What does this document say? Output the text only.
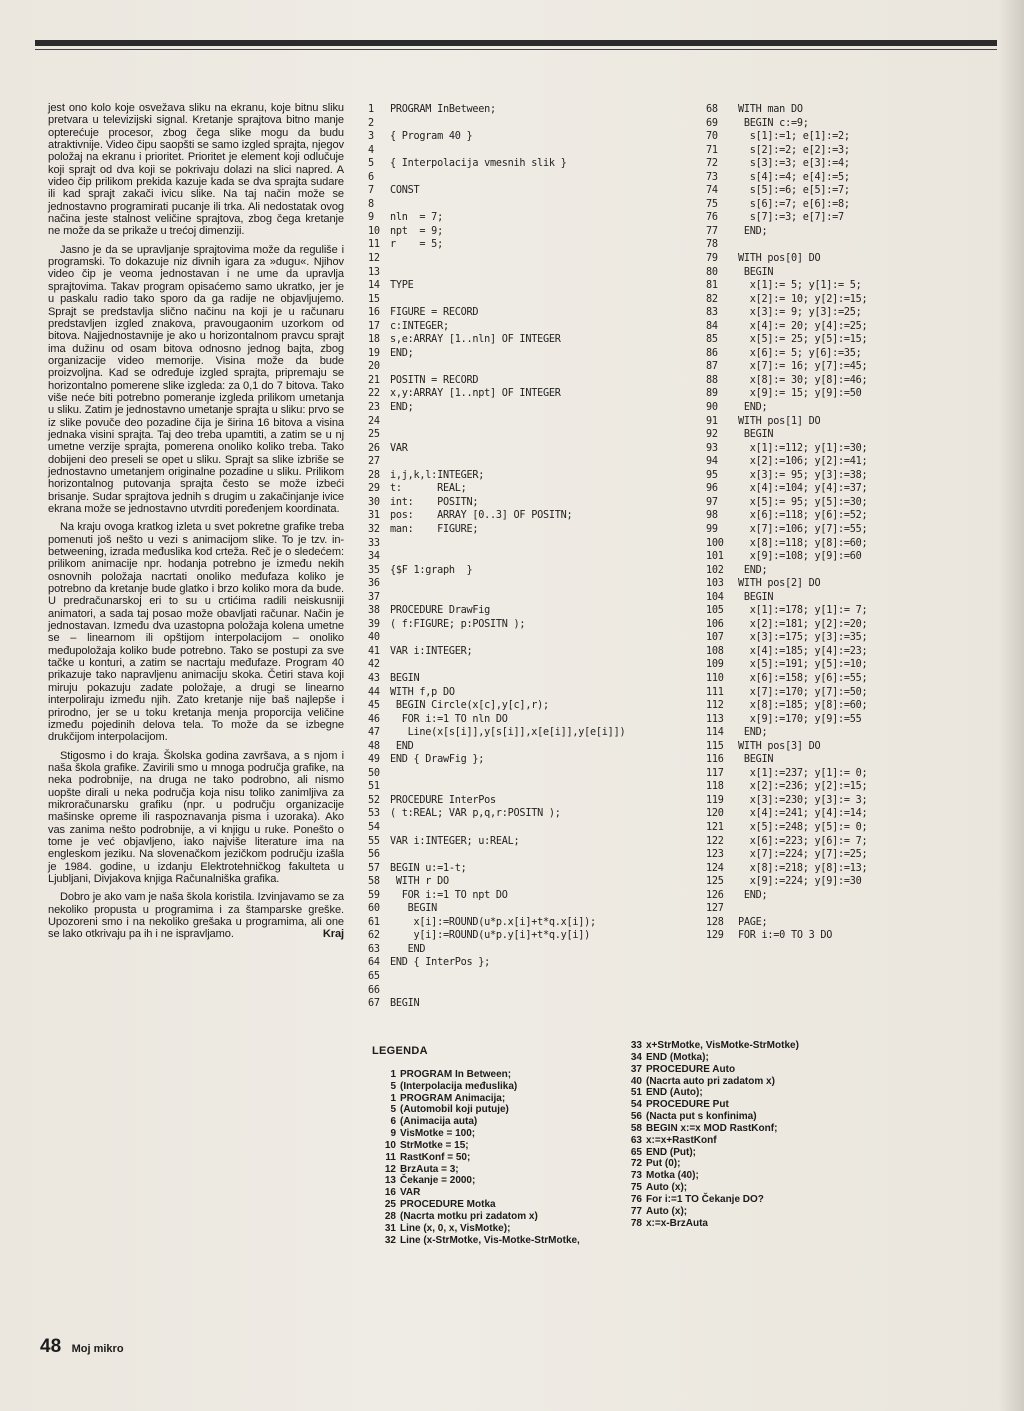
jest ono kolo koje osvežava sliku na ekranu, koje bitnu sliku pretvara u televizijski signal. Kretanje sprajtova bitno manje opterećuje procesor, zbog čega slike mogu da budu atraktivnije. Video čipu saopšti se samo izgled sprajta, njegov položaj na ekranu i prioritet. Prioritet je element koji odlučuje koji sprajt od dva koji se pokrivaju dolazi na slici napred. A video čip prilikom prekida kazuje kada se dva sprajta sudare ili kad sprajt zakači ivicu slike. Na taj način može se jednostavno programirati pucanje ili trka. Ali nedostatak ovog načina jeste stalnost veličine sprajtova, zbog čega kretanje ne može da se prikaže u trećoj dimenziji.

Jasno je da se upravljanje sprajtovima može da reguliše i programski. To dokazuje niz divnih igara za »dugu«. Njihov video čip je veoma jednostavan i ne ume da upravlja sprajtovima. Takav program opisaćemo samo ukratko, jer je u paskalu radio tako sporo da ga radije ne objavljujemo. Sprajt se predstavlja slično načinu na koji je u računaru predstavljen izgled znakova, pravougaonim uzorkom od bitova. Najjednostavnije je ako u horizontalnom pravcu sprajt ima dužinu od osam bitova odnosno jednog bajta, zbog organizacije video memorije. Visina može da bude proizvoljna. Kad se određuje izgled sprajta, pripremaju se horizontalno pomerene slike izgleda: za 0,1 do 7 bitova. Tako više neće biti potrebno pomeranje izgleda prilikom umetanja u sliku. Zatim je jednostavno umetanje sprajta u sliku: prvo se iz slike povuče deo pozadine čija je širina 16 bitova a visina jednaka visini sprajta. Taj deo treba upamtiti, a zatim se u nj umetne verzije sprajta, pomerena onoliko koliko treba. Tako dobijeni deo preseli se opet u sliku. Sprajt sa slike izbriše se jednostavno umetanjem originalne pozadine u sliku. Prilikom horizontalnog putovanja sprajta često se može izbeći brisanje. Sudar sprajtova jednih s drugim u zakačinjanje ivice ekrana može se jednostavno utvrditi poređenjem koordinata.

Na kraju ovoga kratkog izleta u svet pokretne grafike treba pomenuti još nešto u vezi s animacijom slike. To je tzv. in-betweening, izrada međuslika kod crteža. Reč je o sledećem: prilikom animacije npr. hodanja potrebno je između nekih osnovnih položaja nacrtati onoliko međufaza koliko je potrebno da kretanje bude glatko i brzo koliko mora da bude. U predračunarskoj eri to su u crtićima radili neiskusniji animatori, a sada taj posao može obavljati računar. Način je jednostavan. Između dva uzastopna položaja kolena umetne se – linearnom ili opštijom interpolacijom – onoliko međupoložaja koliko bude potrebno. Tako se postupi za sve tačke u konturi, a zatim se nacrtaju međufaze. Program 40 prikazuje tako napravljenu animaciju skoka. Četiri stava koji miruju pokazuju zadate položaje, a drugi se linearno interpoliraju između njih. Zato kretanje nije baš najlepše i prirodno, jer se u toku kretanja menja proporcija veličine između pojedinih delova tela. To može da se izbegne drukčijom interpolacijom.

Stigosmo i do kraja. Školska godina završava, a s njom i naša škola grafike. Zavirili smo u mnoga područja grafike, na neka podrobnije, na druga ne tako podrobno, ali nismo uopšte dirali u neka područja koja nisu toliko zanimljiva za mikroračunarsku grafiku (npr. u području organizacije mašinske opreme ili raspoznavanja pisma i uzoraka). Ako vas zanima nešto podrobnije, a vi knjigu u ruke. Ponešto o tome je već objavljeno, iako najviše literature ima na engleskom jeziku. Na slovenačkom jezičkom području izašla je 1984. godine, u izdanju Elektrotehničkog fakulteta u Ljubljani, Divjakova knjiga Računalniška grafika.

Dobro je ako vam je naša škola koristila. Izvinjavamo se za nekoliko propusta u programima i za štamparske greške. Upozoreni smo i na nekoliko grešaka u programima, ali one se lako otkrivaju pa ih i ne ispravljamo.	Kraj

1 PROGRAM InBetween;
2
3 { Program 40 }
4
5 { Interpolacija vmesnih slik }
6
7 CONST
8
9 nln  = 7;
10 npt  = 9;
11 r    = 5;
12
13
14 TYPE
15
16 FIGURE = RECORD
17 c:INTEGER;
18 s,e:ARRAY [1..nln] OF INTEGER
19 END;
20
21 POSITN = RECORD
22 x,y:ARRAY [1..npt] OF INTEGER
23 END;
24
25
26 VAR
27
28 i,j,k,l:INTEGER;
29 t:      REAL;
30 int:    POSITN;
31 pos:    ARRAY [0..3] OF POSITN;
32 man:    FIGURE;
33
34
35 {$F 1:graph  }
36
37
38 PROCEDURE DrawFig
39 ( f:FIGURE; p:POSITN );
40
41 VAR i:INTEGER;
42
43 BEGIN
44 WITH f,p DO
45 BEGIN Circle(x[c],y[c],r);
46  FOR i:=1 TO nln DO
47   Line(x[s[i]],y[s[i]],x[e[i]],y[e[i]])
48 END
49 END { DrawFig };
50
51
52 PROCEDURE InterPos
53 ( t:REAL; VAR p,q,r:POSITN );
54
55 VAR i:INTEGER; u:REAL;
56
57 BEGIN u:=1-t;
58 WITH r DO
59  FOR i:=1 TO npt DO
60   BEGIN
61    x[i]:=ROUND(u*p.x[i]+t*q.x[i]);
62    y[i]:=ROUND(u*p.y[i]+t*q.y[i])
63   END
64 END { InterPos };
65
66
67 BEGIN
68 WITH man DO
69 BEGIN c:=9;
70  s[1]:=1; e[1]:=2;
71  s[2]:=2; e[2]:=3;
72  s[3]:=3; e[3]:=4;
73  s[4]:=4; e[4]:=5;
74  s[5]:=6; e[5]:=7;
75  s[6]:=7; e[6]:=8;
76  s[7]:=3; e[7]:=7
77 END;
78
79 WITH pos[0] DO
80 BEGIN
81  x[1]:= 5; y[1]:= 5;
82  x[2]:= 10; y[2]:=15;
83  x[3]:= 9; y[3]:=25;
84  x[4]:= 20; y[4]:=25;
85  x[5]:= 25; y[5]:=15;
86  x[6]:= 5; y[6]:=35;
87  x[7]:= 16; y[7]:=45;
88  x[8]:= 30; y[8]:=46;
89  x[9]:= 15; y[9]:=50
90 END;
91 WITH pos[1] DO
92 BEGIN
93  x[1]:=112; y[1]:=30;
94  x[2]:=106; y[2]:=41;
95  x[3]:= 95; y[3]:=38;
96  x[4]:=104; y[4]:=37;
97  x[5]:= 95; y[5]:=30;
98  x[6]:=118; y[6]:=52;
99  x[7]:=106; y[7]:=55;
100  x[8]:=118; y[8]:=60;
101  x[9]:=108; y[9]:=60
102 END;
103 WITH pos[2] DO
104 BEGIN
105  x[1]:=178; y[1]:= 7;
106  x[2]:=181; y[2]:=20;
107  x[3]:=175; y[3]:=35;
108  x[4]:=185; y[4]:=23;
109  x[5]:=191; y[5]:=10;
110  x[6]:=158; y[6]:=55;
111  x[7]:=170; y[7]:=50;
112  x[8]:=185; y[8]:=60;
113  x[9]:=170; y[9]:=55
114 END;
115 WITH pos[3] DO
116 BEGIN
117  x[1]:=237; y[1]:= 0;
118  x[2]:=236; y[2]:=15;
119  x[3]:=230; y[3]:= 3;
120  x[4]:=241; y[4]:=14;
121  x[5]:=248; y[5]:= 0;
122  x[6]:=223; y[6]:= 7;
123  x[7]:=224; y[7]:=25;
124  x[8]:=218; y[8]:=13;
125  x[9]:=224; y[9]:=30
126 END;
127
128 PAGE;
129 FOR i:=0 TO 3 DO
LEGENDA
1 PROGRAM In Between;
5 (Interpolacija međuslika)
1 PROGRAM Animacija;
5 (Automobil koji putuje)
6 (Animacija auta)
9 VisMotke = 100;
10 StrMotke = 15;
11 RastKonf = 50;
12 BrzAuta = 3;
13 Čekanje = 2000;
16 VAR
25 PROCEDURE Motka
28 (Nacrta motku pri zadatom x)
31 Line (x, 0, x, VisMotke);
32 Line (x-StrMotke, Vis-Motke-StrMotke,
33 x+StrMotke, VisMotke-StrMotke)
34 END (Motka);
37 PROCEDURE Auto
40 (Nacrta auto pri zadatom x)
51 END (Auto);
54 PROCEDURE Put
56 (Nacta put s konfinima)
58 BEGIN x:=x MOD RastKonf;
63 x:=x+RastKonf
65 END (Put);
72 Put (0);
73 Motka (40);
75 Auto (x);
76 For i:=1 TO Čekanje DO?
77 Auto (x);
78 x:=x-BrzAuta
48 Moj mikro
